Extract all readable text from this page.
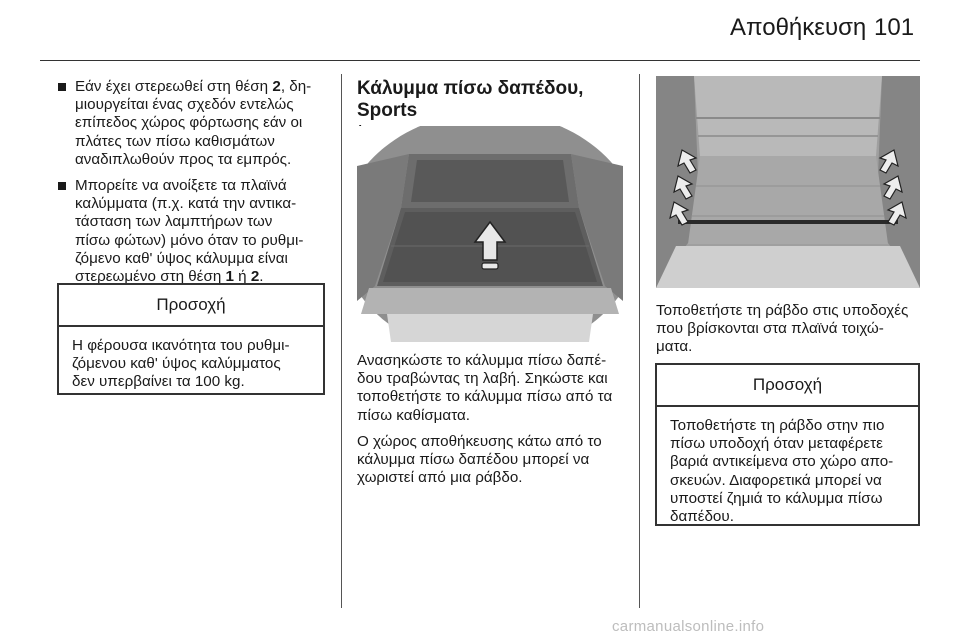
Αποθήκευση 101
Εάν έχει στερεωθεί στη θέση 2, δη-
μιουργείται ένας σχεδόν εντελώς
επίπεδος χώρος φόρτωσης εάν οι
πλάτες των πίσω καθισμάτων
αναδιπλωθούν προς τα εμπρός.
Μπορείτε να ανοίξετε τα πλαϊνά
καλύμματα (π.χ. κατά την αντικα-
τάσταση των λαμπτήρων των
πίσω φώτων) μόνο όταν το ρυθμι-
ζόμενο καθ' ύψος κάλυμμα είναι
στερεωμένο στη θέση 1 ή 2.
Προσοχή
Η φέρουσα ικανότητα του ρυθμι-
ζόμενου καθ' ύψος καλύμματος
δεν υπερβαίνει τα 100 kg.
Κάλυμμα πίσω δαπέδου, Sports

Ανασηκώστε το κάλυμμα πίσω δαπέ-
δου τραβώντας τη λαβή. Σηκώστε και
τοποθετήστε το κάλυμμα πίσω από τα
πίσω καθίσματα.

Ο χώρος αποθήκευσης κάτω από το
κάλυμμα πίσω δαπέδου μπορεί να
χωριστεί από μια ράβδο.

Τοποθετήστε τη ράβδο στις υποδοχές
που βρίσκονται στα πλαϊνά τοιχώ-
ματα.

Προσοχή
Τοποθετήστε τη ράβδο στην πιο
πίσω υποδοχή όταν μεταφέρετε
βαριά αντικείμενα στο χώρο απο-
σκευών. Διαφορετικά μπορεί να
υποστεί ζημιά το κάλυμμα πίσω
δαπέδου.
carmanualsonline.info
